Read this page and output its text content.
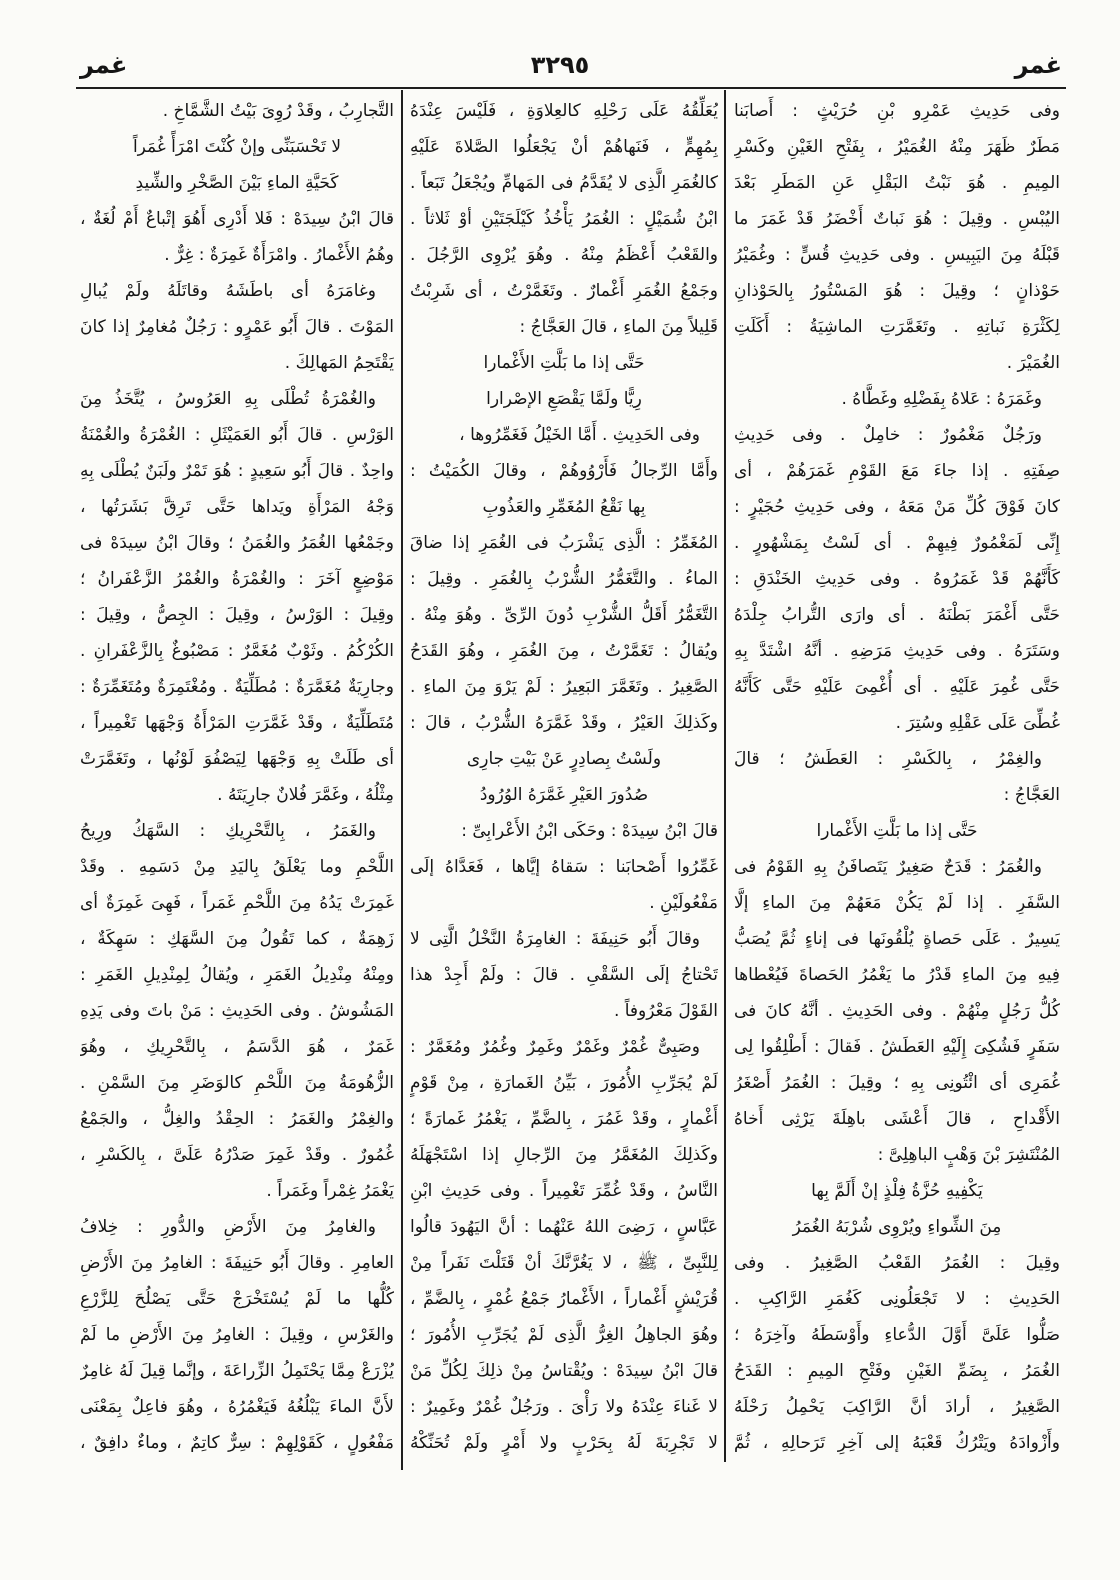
غمر
٣٢٩٥
غمر
وفى حَدِيثِ عَمْرِو بْنِ حُرَيْثٍ : أَصابَنا
مَطَرٌ ظَهَرَ مِنْهُ الغُمَيْرُ ، بِفَتْحِ الغَيْنِ وكَسْرِ
المِيمِ . هُوَ نَبْتُ البَقْلِ عَنِ المَطَرِ بَعْدَ
اليُبْسِ . وقِيلَ : هُوَ نَباتٌ أَخْضَرُ قَدْ غَمَرَ ما
قَبْلَهُ مِنَ اليَبِيسِ . وفى حَدِيثِ قُسٍّ : وغُمَيْرُ
حَوْذانٍ ؛ وقِيلَ : هُوَ المَسْتُورُ بِالحَوْذانِ
لِكَثْرَةِ نَباتِهِ . وتَغَمَّرَتِ الماشِيَةُ : أَكَلَتِ
الغُمَيْرَ .
وغَمَرَهُ : عَلاهُ بِفَضْلِهِ وغَطَّاهُ .
ورَجُلٌ مَغْمُورٌ : خامِلٌ . وفى حَدِيثِ
صِفَتِهِ . إذا جاءَ مَعَ القَوْمِ غَمَرَهُمْ ، أى
كانَ فَوْقَ كُلِّ مَنْ مَعَهُ ، وفى حَدِيثِ حُجَيْرٍ :
إِنِّى لَمَغْمُورٌ فِيهِمْ . أى لَسْتُ بِمَشْهُورٍ .
كَأَنَّهُمْ قَدْ غَمَرُوهُ . وفى حَدِيثِ الخَنْدَقِ :
حَتَّى أَغْمَرَ بَطْنَهُ . أى وارَى التُّرابُ جِلْدَهُ
وسَتَرَهُ . وفى حَدِيثِ مَرَضِهِ . أنَّهُ اشْتَدَّ بِهِ
حَتَّى غُمِرَ عَلَيْهِ . أى أُغْمِىَ عَلَيْهِ حَتَّى كَأَنَّهُ
غُطِّىَ عَلَى عَقْلِهِ وسُتِرَ .
والغِمْرُ ، بِالكَسْرِ : العَطَشُ ؛ قالَ
العَجَّاجُ :
حَتَّى إذا ما بَلَّتِ الأَغْمارا
والغُمَرُ : قَدَحٌ صَغِيرٌ يَتَصافَنُ بِهِ القَوْمُ فى
السَّفَرِ . إذا لَمْ يَكُنْ مَعَهُمْ مِنَ الماءِ إلَّا
يَسِيرٌ . عَلَى حَصاةٍ يُلْقُونَها فى إناءٍ ثُمَّ يُصَبُّ
فِيهِ مِنَ الماءِ قَدْرُ ما يَغْمُرُ الحَصاةَ فَيُعْطاها
كُلُّ رَجُلٍ مِنْهُمْ . وفى الحَدِيثِ . أنَّهُ كانَ فى
سَفَرٍ فَشُكِىَ إِلَيْهِ العَطَشُ . فَقالَ : أَطْلِقُوا لِى
غُمَرِى أى ائْتُونِى بِهِ ؛ وقِيلَ : الغُمَرُ أَصْغَرُ
الأَقْداحِ ، قالَ أَعْشَى باهِلَةَ يَرْثِى أَخاهُ
المُنْتَشِرَ بْنَ وَهْبٍ الباهِلِىَّ :
يَكْفِيهِ حُزَّةُ فِلْذٍ إنْ أَلَمَّ بِها
مِنَ الشِّواءِ ويُرْوِى شُرْبَهُ الغُمَرُ
وقِيلَ : الغُمَرُ القَعْبُ الصَّغِيرُ . وفى
الحَدِيثِ : لا تَجْعَلُونِى كَغُمَرِ الرَّاكِبِ .
صَلُّوا عَلَىَّ أَوَّلَ الدُّعاءِ وأَوْسَطَهُ وآخِرَهُ ؛
الغُمَرُ ، بِضَمِّ الغَيْنِ وفَتْحِ المِيمِ : القَدَحُ
الصَّغِيرُ ، أرادَ أنَّ الرَّاكِبَ يَحْمِلُ رَحْلَهُ
وأَزْوادَهُ ويَتْرُكُ قَعْبَهُ إلى آخِرِ تَرَحالِهِ ، ثُمَّ
يُعَلِّقُهُ عَلَى رَحْلِهِ كالعِلاوَةِ ، فَلَيْسَ عِنْدَهُ
بِمُهِمٍّ ، فَنَهاهُمْ أنْ يَجْعَلُوا الصَّلاةَ عَلَيْهِ
كالغُمَرِ الَّذِى لا يُقَدَّمُ فى المَهامِّ ويُجْعَلُ تَبَعاً .
ابْنُ شُمَيْلٍ : الغُمَرُ يَأْخُذُ كَيْلَجَتَيْنِ أوْ ثَلاثاً .
والقَعْبُ أَعْظَمُ مِنْهُ . وهُوَ يُرْوِى الرَّجُلَ .
وجَمْعُ الغُمَرِ أَغْمارٌ . وتَغَمَّرْتُ ، أى شَرِبْتُ
قَلِيلاً مِنَ الماءِ ، قالَ العَجَّاجُ :
حَتَّى إذا ما بَلَّتِ الأَغْمارا
رِيًّا ولَمَّا يَقْصَعِ الإصْرارا
وفى الحَدِيثِ . أَمَّا الخَيْلُ فَغَمِّرُوها ،
وأَمَّا الرِّجالُ فَأَرْوُوهُمْ ، وقالَ الكُمَيْتُ :
بِها نَقْعُ المُغَمِّرِ والعَذُوبِ
المُغَمِّرُ : الَّذِى يَشْرَبُ فى الغُمَرِ إذا ضاقَ
الماءُ . والتَّغَمُّرُ الشُّرْبُ بِالغُمَرِ . وقِيلَ :
التَّغَمُّرُ أَقَلُّ الشُّرْبِ دُونَ الرِّىِّ . وهُوَ مِنْهُ .
ويُقالُ : تَغَمَّرْتُ ، مِنَ الغُمَرِ ، وهُوَ القَدَحُ
الصَّغِيرُ . وتَغَمَّرَ البَعِيرُ : لَمْ يَرْوَ مِنَ الماءِ .
وكَذلِكَ العَيْرُ ، وقَدْ غَمَّرَهُ الشُّرْبُ ، قالَ :
ولَسْتُ بِصادِرٍ عَنْ بَيْتِ جارِى
صُدُورَ العَيْرِ غَمَّرَهُ الوُرُودُ
قالَ ابْنُ سِيدَهْ : وحَكَى ابْنُ الأَعْرابِىِّ :
غَمِّرُوا أَصْحابَنا : سَقاهُ إيَّاها ، فَعَدَّاهُ إلَى
مَفْعُولَيْنِ .
وقالَ أَبُو حَنِيفَةَ : الغامِرَةُ النَّخْلُ الَّتِى لا
تَحْتاجُ إلَى السَّقْىِ . قالَ : ولَمْ أَجِدْ هذا
القَوْلَ مَعْرُوفاً .
وصَبِىٌّ غُمْرٌ وغَمْرٌ وغَمِرٌ وغُمُرٌ ومُغَمَّرٌ :
لَمْ يُجَرِّبِ الأُمُورَ ، بَيِّنُ الغَمارَةِ ، مِنْ قَوْمٍ
أَغْمارٍ ، وقَدْ غَمُرَ ، بِالضَّمِّ ، يَغْمُرُ غَمارَةً ؛
وكَذلِكَ المُغَمَّرُ مِنَ الرِّجالِ إذا اسْتَجْهَلَهُ
النَّاسُ ، وقَدْ غُمِّرَ تَغْمِيراً . وفى حَدِيثِ ابْنِ
عَبَّاسٍ ، رَضِىَ اللهُ عَنْهُما : أنَّ اليَهُودَ قالُوا
لِلنَّبِىِّ ، ﷺ ، لا يَغُرَّنَّكَ أنْ قَتَلْتَ نَفَراً مِنْ
قُرَيْشٍ أَغْماراً ، الأَغْمارُ جَمْعُ غُمْرٍ ، بِالضَّمِّ ،
وهُوَ الجاهِلُ الغِرُّ الَّذِى لَمْ يُجَرِّبِ الأُمُورَ ؛
قالَ ابْنُ سِيدَهْ : ويُقْتاسُ مِنْ ذلِكَ لِكُلِّ مَنْ
لا غَناءَ عِنْدَهُ ولا رَأْىَ . ورَجُلٌ غُمْرٌ وغَمِيرٌ :
لا تَجْرِبَةَ لَهُ بِحَرْبٍ ولا أَمْرٍ ولَمْ تُحَنِّكْهُ
التَّجارِبُ ، وقَدْ رُوِىَ بَيْتُ الشَّمَّاخِ .
لا تَحْسَبَنِّى وإنْ كُنْتَ امْرَأً غُمَراً
كَحَيَّةِ الماءِ بَيْنَ الصَّخْرِ والشِّيدِ
قالَ ابْنُ سِيدَهْ : فَلا أَدْرِى أَهُوَ إتْباعٌ أَمْ لُغَةٌ ،
وهُمُ الأَغْمارُ . وامْرَأَةٌ غَمِرَةٌ : غِرٌّ .
وغامَرَهُ أى باطَشَهُ وقاتَلَهُ ولَمْ يُبالِ
المَوْتَ . قالَ أَبُو عَمْرٍو : رَجُلٌ مُغامِرٌ إذا كانَ
يَقْتَحِمُ المَهالِكَ .
والغُمْرَةُ تُطْلَى بِهِ العَرُوسُ ، يُتَّخَذُ مِنَ
الوَرْسِ . قالَ أَبُو العَمَيْثَلِ : الغُمْرَةُ والغُمْنَةُ
واحِدٌ . قالَ أَبُو سَعِيدٍ : هُوَ تَمْرٌ ولَبَنٌ يُطْلَى بِهِ
وَجْهُ المَرْأَةِ ويَداها حَتَّى تَرِقَّ بَشَرَتُها ،
وجَمْعُها الغُمَرُ والغُمَنُ ؛ وقالَ ابْنُ سِيدَهْ فى
مَوْضِعٍ آخَرَ : والغُمْرَةُ والغُمْرُ الزَّعْفَرانُ ؛
وقِيلَ : الوَرْسُ ، وقِيلَ : الجِصُّ ، وقِيلَ :
الكُرْكُمُ . وثَوْبٌ مُغَمَّرٌ : مَصْبُوغٌ بِالزَّعْفَرانِ .
وجارِيَةٌ مُغَمَّرَةٌ : مُطَلِّيَةٌ . ومُغْتَمِرَةٌ ومُتَغَمِّرَةٌ :
مُتَطَلِّيَةٌ ، وقَدْ غَمَّرَتِ المَرْأَةُ وَجْهَها تَغْمِيراً ،
أى طَلَتْ بِهِ وَجْهَها لِيَصْفُوَ لَوْنُها ، وتَغَمَّرَتْ
مِثْلُهُ ، وغَمَّرَ فُلانٌ جارِيَتَهُ .
والغَمَرُ ، بِالتَّحْرِيكِ : السَّهَكُ ورِيحُ
اللَّحْمِ وما يَعْلَقُ بِاليَدِ مِنْ دَسَمِهِ . وقَدْ
غَمِرَتْ يَدُهُ مِنَ اللَّحْمِ غَمَراً ، فَهِىَ غَمِرَةٌ أى
زَهِمَةٌ ، كما تَقُولُ مِنَ السَّهَكِ : سَهِكَةٌ ،
ومِنْهُ مِنْدِيلُ الغَمَرِ ، ويُقالُ لِمِنْدِيلِ الغَمَرِ :
المَشُوشُ . وفى الحَدِيثِ : مَنْ باتَ وفى يَدِهِ
غَمَرٌ ، هُوَ الدَّسَمُ ، بِالتَّحْرِيكِ ، وهُوَ
الزُّهُومَةُ مِنَ اللَّحْمِ كالوَضَرِ مِنَ السَّمْنِ .
والغِمْرُ والغَمَرُ : الحِقْدُ والغِلُّ ، والجَمْعُ
غُمُورٌ . وقَدْ غَمِرَ صَدْرُهُ عَلَىَّ ، بِالكَسْرِ ،
يَغْمَرُ غِمْراً وغَمَراً .
والغامِرُ مِنَ الأَرْضِ والدُّورِ : خِلافُ
العامِرِ . وقالَ أَبُو حَنِيفَةَ : الغامِرُ مِنَ الأَرْضِ
كُلُّها ما لَمْ يُسْتَخْرَجْ حَتَّى يَصْلُحَ لِلزَّرْعِ
والغَرْسِ ، وقِيلَ : الغامِرُ مِنَ الأَرْضِ ما لَمْ
يُزْرَعْ مِمَّا يَحْتَمِلُ الزِّراعَةَ ، وإنَّما قِيلَ لَهُ غامِرٌ
لأَنَّ الماءَ يَبْلُغُهُ فَيَغْمُرُهُ ، وهُوَ فاعِلٌ بِمَعْنَى
مَفْعُولٍ ، كَقَوْلِهِمْ : سِرٌّ كاتِمٌ ، وماءٌ دافِقٌ ،
